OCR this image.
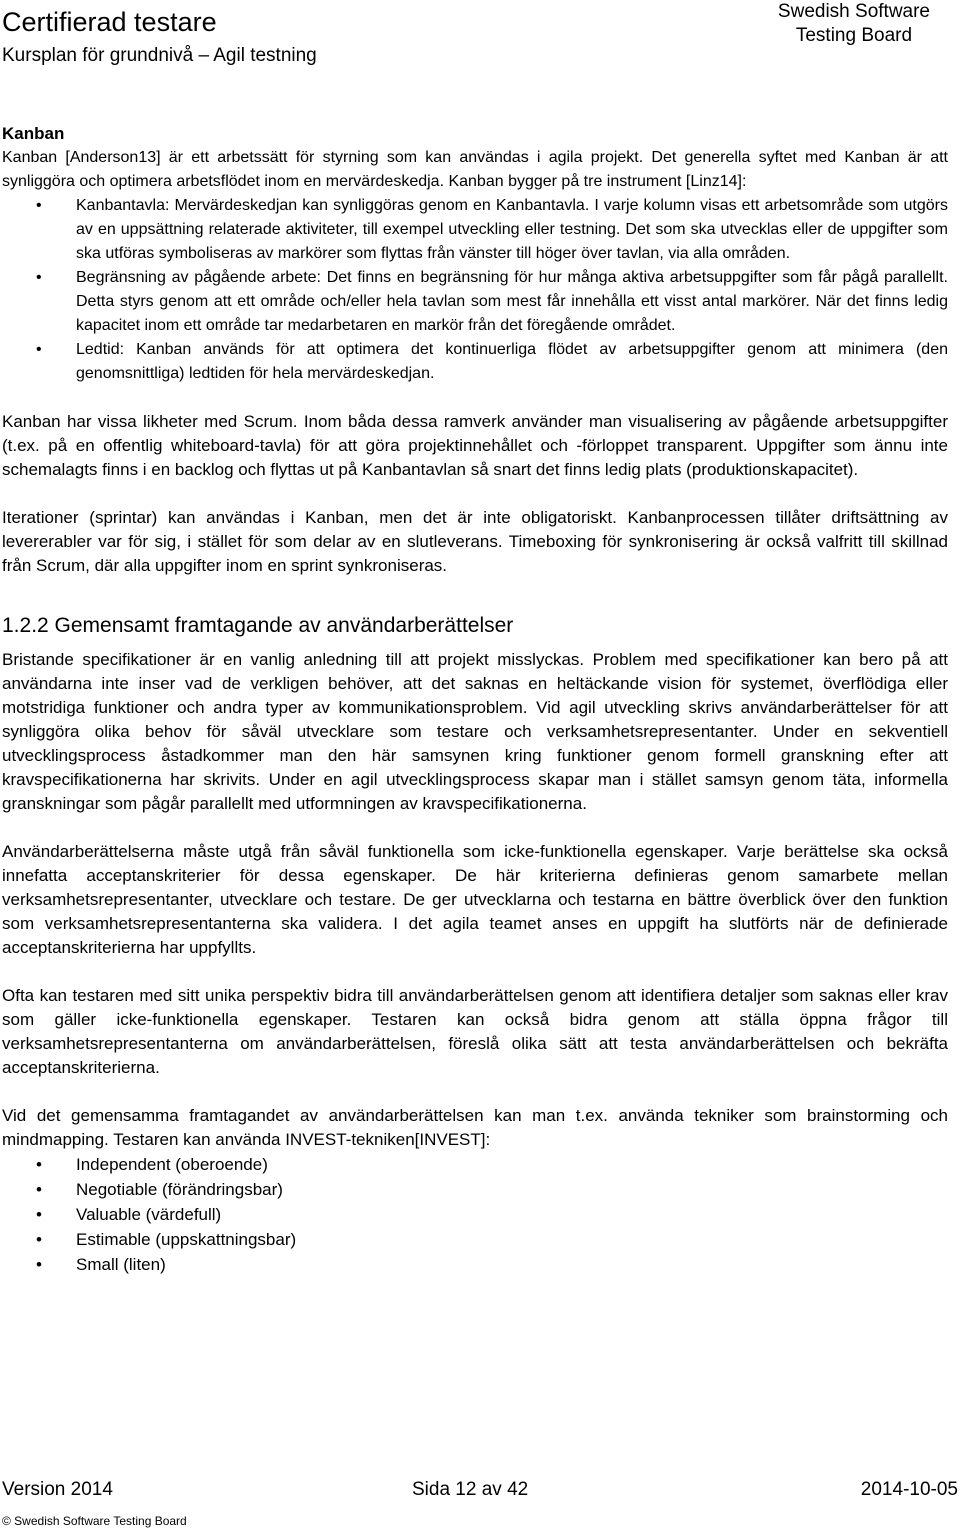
Certifierad testare
Kursplan för grundnivå – Agil testning
Swedish Software
Testing Board

Kanban

Kanban [Anderson13] är ett arbetssätt för styrning som kan användas i agila projekt. Det generella syftet med Kanban är att synliggöra och optimera arbetsflödet inom en mervärdeskedja. Kanban bygger på tre instrument [Linz14]:

• Kanbantavla: Mervärdeskedjan kan synliggöras genom en Kanbantavla. I varje kolumn visas ett arbetsområde som utgörs av en uppsättning relaterade aktiviteter, till exempel utveckling eller testning. Det som ska utvecklas eller de uppgifter som ska utföras symboliseras av markörer som flyttas från vänster till höger över tavlan, via alla områden.
• Begränsning av pågående arbete: Det finns en begränsning för hur många aktiva arbetsuppgifter som får pågå parallellt. Detta styrs genom att ett område och/eller hela tavlan som mest får innehålla ett visst antal markörer. När det finns ledig kapacitet inom ett område tar medarbetaren en markör från det föregående området.
• Ledtid: Kanban används för att optimera det kontinuerliga flödet av arbetsuppgifter genom att minimera (den genomsnittliga) ledtiden för hela mervärdeskedjan.

Kanban har vissa likheter med Scrum. Inom båda dessa ramverk använder man visualisering av pågående arbetsuppgifter (t.ex. på en offentlig whiteboard-tavla) för att göra projektinnehållet och -förloppet transparent. Uppgifter som ännu inte schemalagts finns i en backlog och flyttas ut på Kanbantavlan så snart det finns ledig plats (produktionskapacitet).

Iterationer (sprintar) kan användas i Kanban, men det är inte obligatoriskt. Kanbanprocessen tillåter driftsättning av levererabler var för sig, i stället för som delar av en slutleverans. Timeboxing för synkronisering är också valfritt till skillnad från Scrum, där alla uppgifter inom en sprint synkroniseras.

1.2.2 Gemensamt framtagande av användarberättelser

Bristande specifikationer är en vanlig anledning till att projekt misslyckas. Problem med specifikationer kan bero på att användarna inte inser vad de verkligen behöver, att det saknas en heltäckande vision för systemet, överflödiga eller motstridiga funktioner och andra typer av kommunikationsproblem. Vid agil utveckling skrivs användarberättelser för att synliggöra olika behov för såväl utvecklare som testare och verksamhetsrepresentanter. Under en sekventiell utvecklingsprocess åstadkommer man den här samsynen kring funktioner genom formell granskning efter att kravspecifikationerna har skrivits. Under en agil utvecklingsprocess skapar man i stället samsyn genom täta, informella granskningar som pågår parallellt med utformningen av kravspecifikationerna.

Användarberättelserna måste utgå från såväl funktionella som icke-funktionella egenskaper. Varje berättelse ska också innefatta acceptanskriterier för dessa egenskaper. De här kriterierna definieras genom samarbete mellan verksamhetsrepresentanter, utvecklare och testare. De ger utvecklarna och testarna en bättre överblick över den funktion som verksamhetsrepresentanterna ska validera. I det agila teamet anses en uppgift ha slutförts när de definierade acceptanskriterierna har uppfyllts.

Ofta kan testaren med sitt unika perspektiv bidra till användarberättelsen genom att identifiera detaljer som saknas eller krav som gäller icke-funktionella egenskaper. Testaren kan också bidra genom att ställa öppna frågor till verksamhetsrepresentanterna om användarberättelsen, föreslå olika sätt att testa användarberättelsen och bekräfta acceptanskriterierna.

Vid det gemensamma framtagandet av användarberättelsen kan man t.ex. använda tekniker som brainstorming och mindmapping. Testaren kan använda INVEST-tekniken[INVEST]:

• Independent (oberoende)
• Negotiable (förändringsbar)
• Valuable (värdefull)
• Estimable (uppskattningsbar)
• Small (liten)
Version 2014	Sida 12 av 42	2014-10-05
© Swedish Software Testing Board
